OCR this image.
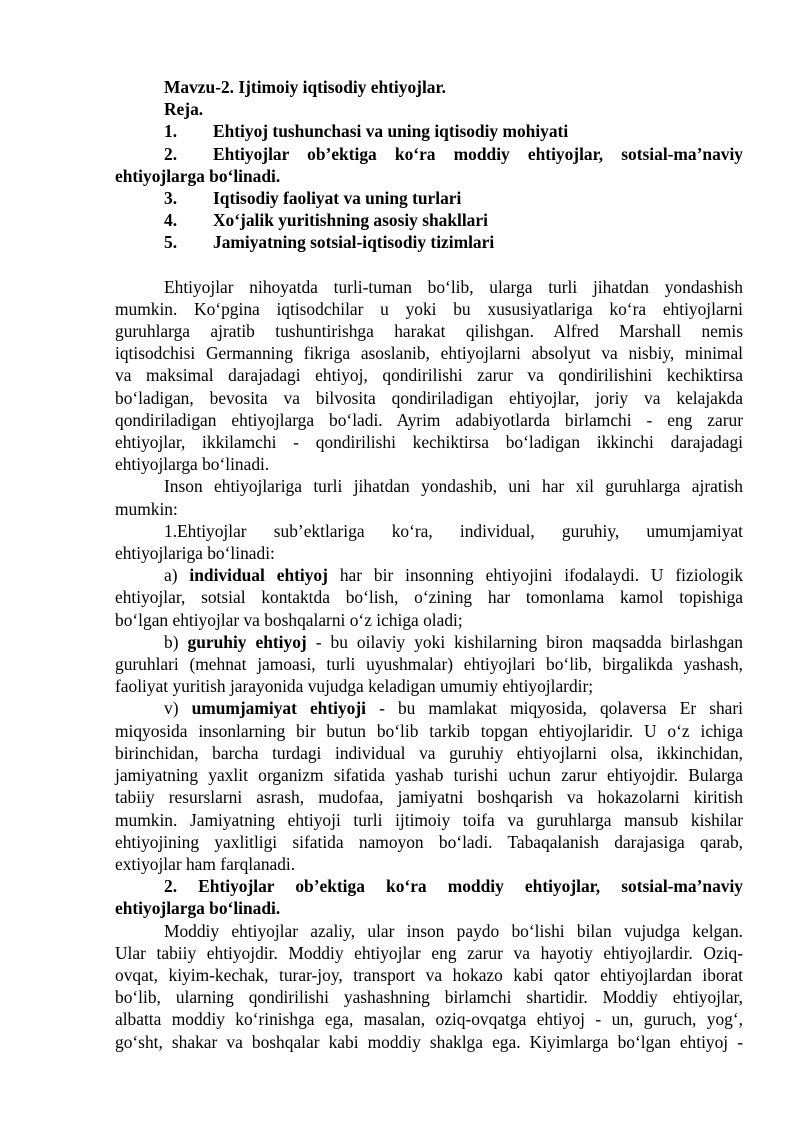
Mavzu-2. Ijtimoiy iqtisodiy ehtiyojlar.
Reja.
1. Ehtiyoj tushunchasi va uning iqtisodiy mohiyati
2. Ehtiyojlar ob’ektiga ko‘ra moddiy ehtiyojlar, sotsial-ma’naviy
ehtiyojlarga bo‘linadi.
3. Iqtisodiy faoliyat va uning turlari
4. Xo‘jalik yuritishning asosiy shakllari
5. Jamiyatning sotsial-iqtisodiy tizimlari
Ehtiyojlar nihoyatda turli-tuman bo‘lib, ularga turli jihatdan yondashish
mumkin. Ko‘pgina iqtisodchilar u yoki bu xususiyatlariga ko‘ra ehtiyojlarni
guruhlarga ajratib tushuntirishga harakat qilishgan. Alfred Marshall nemis
iqtisodchisi Germanning fikriga asoslanib, ehtiyojlarni absolyut va nisbiy, minimal
va maksimal darajadagi ehtiyoj, qondirilishi zarur va qondirilishini kechiktirsa
bo‘ladigan, bevosita va bilvosita qondiriladigan ehtiyojlar, joriy va kelajakda
qondiriladigan ehtiyojlarga bo‘ladi. Ayrim adabiyotlarda birlamchi - eng zarur
ehtiyojlar, ikkilamchi - qondirilishi kechiktirsa bo‘ladigan ikkinchi darajadagi
ehtiyojlarga bo‘linadi.
Inson ehtiyojlariga turli jihatdan yondashib, uni har xil guruhlarga ajratish
mumkin:
1.Ehtiyojlar sub’ektlariga ko‘ra, individual, guruhiy, umumjamiyat
ehtiyojlariga bo‘linadi:
a) individual ehtiyoj har bir insonning ehtiyojini ifodalaydi. U fiziologik
ehtiyojlar, sotsial kontaktda bo‘lish, o‘zining har tomonlama kamol topishiga
bo‘lgan ehtiyojlar va boshqalarni o‘z ichiga oladi;
b) guruhiy ehtiyoj - bu oilaviy yoki kishilarning biron maqsadda birlashgan
guruhlari (mehnat jamoasi, turli uyushmalar) ehtiyojlari bo‘lib, birgalikda yashash,
faoliyat yuritish jarayonida vujudga keladigan umumiy ehtiyojlardir;
v) umumjamiyat ehtiyoji - bu mamlakat miqyosida, qolaversa Er shari
miqyosida insonlarning bir butun bo‘lib tarkib topgan ehtiyojlaridir. U o‘z ichiga
birinchidan, barcha turdagi individual va guruhiy ehtiyojlarni olsa, ikkinchidan,
jamiyatning yaxlit organizm sifatida yashab turishi uchun zarur ehtiyojdir. Bularga
tabiiy resurslarni asrash, mudofaa, jamiyatni boshqarish va hokazolarni kiritish
mumkin. Jamiyatning ehtiyoji turli ijtimoiy toifa va guruhlarga mansub kishilar
ehtiyojining yaxlitligi sifatida namoyon bo‘ladi. Tabaqalanish darajasiga qarab,
extiyojlar ham farqlanadi.
2. Ehtiyojlar ob’ektiga ko‘ra moddiy ehtiyojlar, sotsial-ma’naviy
ehtiyojlarga bo‘linadi.
Moddiy ehtiyojlar azaliy, ular inson paydo bo‘lishi bilan vujudga kelgan.
Ular tabiiy ehtiyojdir. Moddiy ehtiyojlar eng zarur va hayotiy ehtiyojlardir. Oziq-
ovqat, kiyim-kechak, turar-joy, transport va hokazo kabi qator ehtiyojlardan iborat
bo‘lib, ularning qondirilishi yashashning birlamchi shartidir. Moddiy ehtiyojlar,
albatta moddiy ko‘rinishga ega, masalan, oziq-ovqatga ehtiyoj - un, guruch, yog‘,
go‘sht, shakar va boshqalar kabi moddiy shaklga ega. Kiyimlarga bo‘lgan ehtiyoj -
